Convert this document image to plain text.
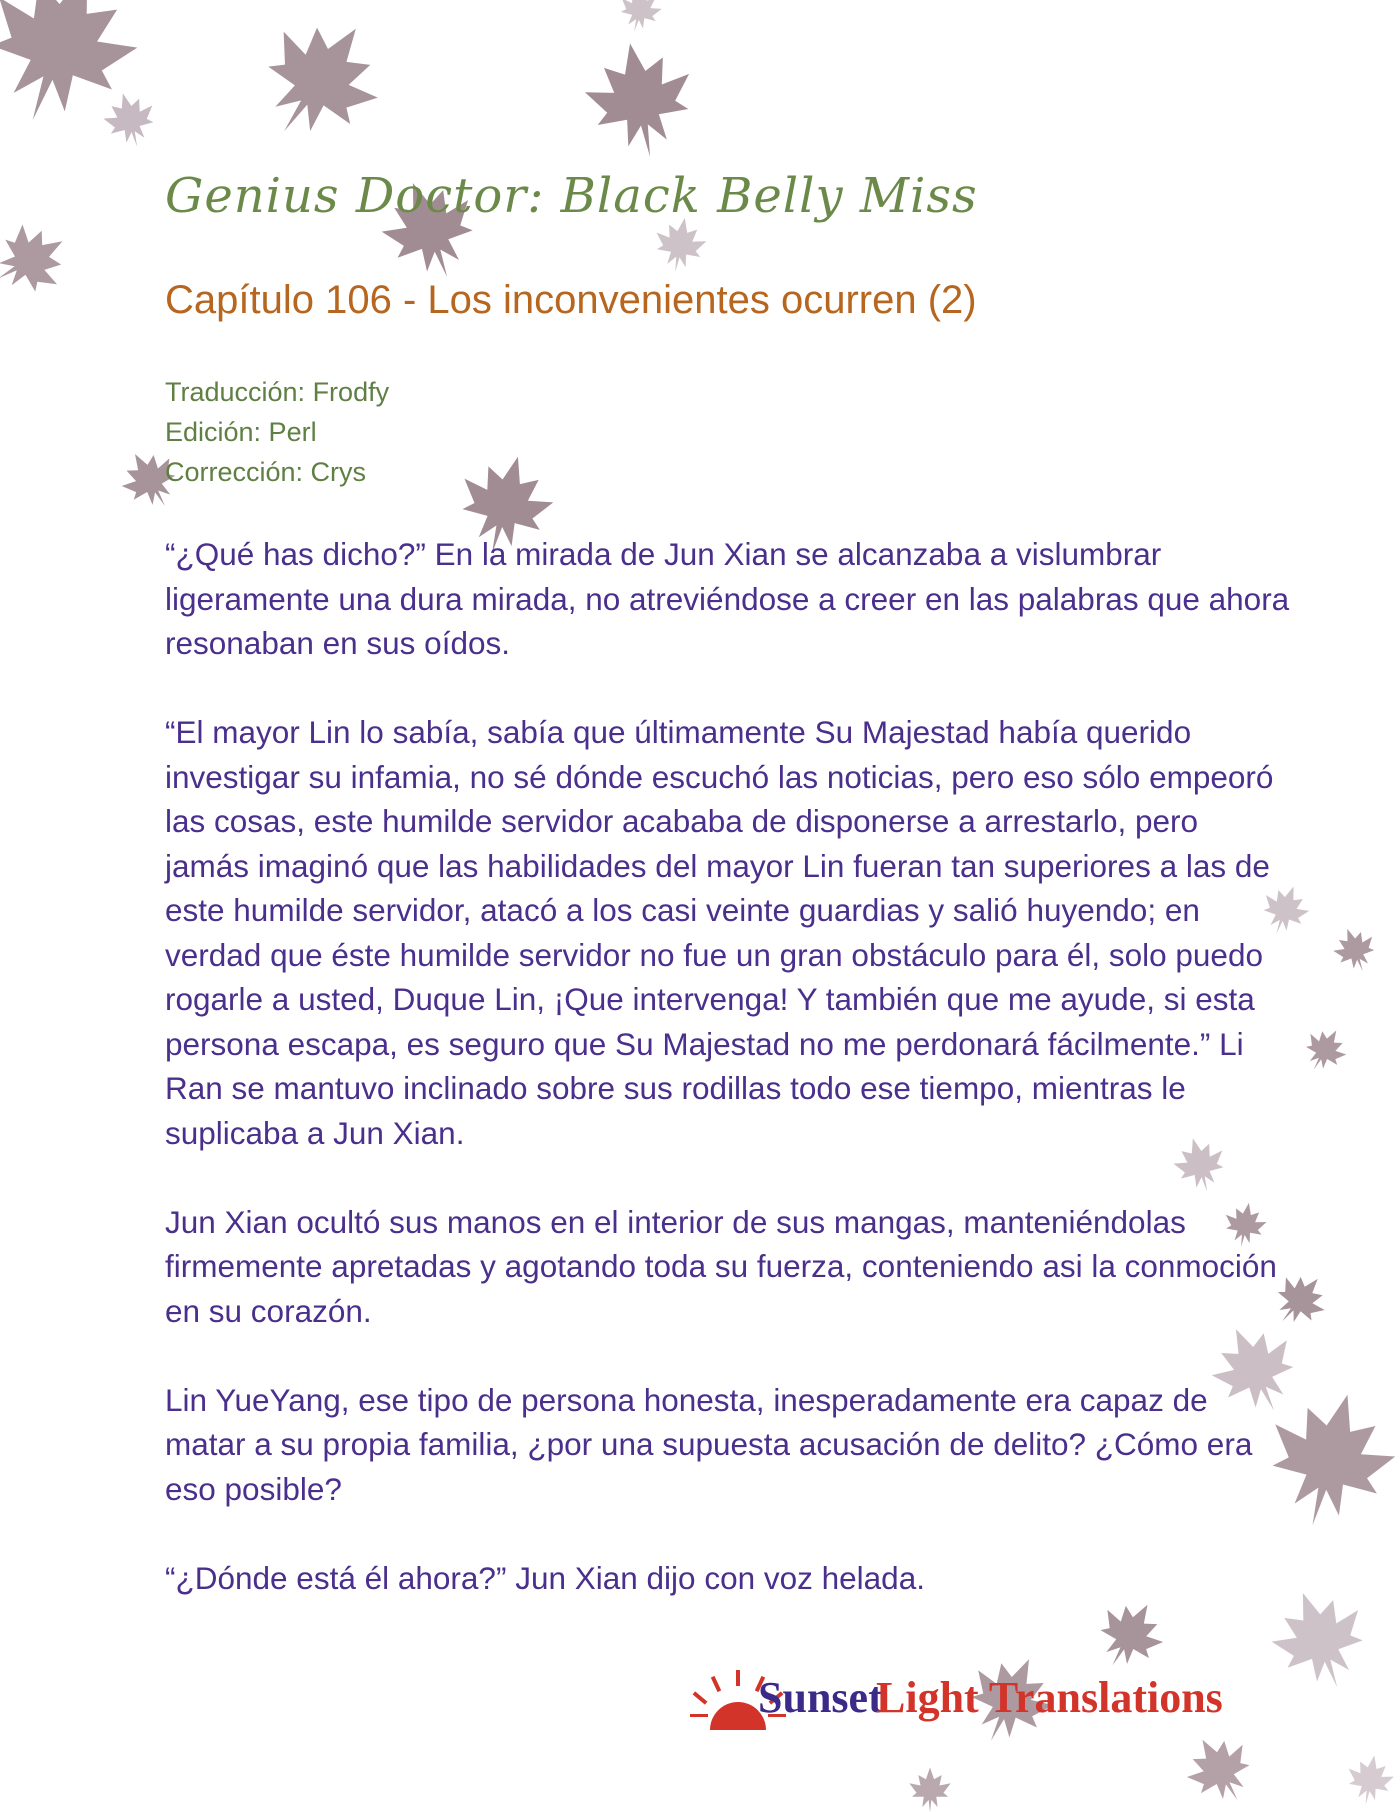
Genius Doctor: Black Belly Miss
Capítulo 106 - Los inconvenientes ocurren (2)
Traducción: Frodfy
Edición: Perl
Corrección: Crys

“¿Qué has dicho?” En la mirada de Jun Xian se alcanzaba a vislumbrar ligeramente una dura mirada, no atreviéndose a creer en las palabras que ahora resonaban en sus oídos.

“El mayor Lin lo sabía, sabía que últimamente Su Majestad había querido investigar su infamia, no sé dónde escuchó las noticias, pero eso sólo empeoró las cosas, este humilde servidor acababa de disponerse a arrestarlo, pero jamás imaginó que las habilidades del mayor Lin fueran tan superiores a las de este humilde servidor, atacó a los casi veinte guardias y salió huyendo; en verdad que éste humilde servidor no fue un gran obstáculo para él, solo puedo rogarle a usted, Duque Lin, ¡Que intervenga! Y también que me ayude, si esta persona escapa, es seguro que Su Majestad no me perdonará fácilmente.” Li Ran se mantuvo inclinado sobre sus rodillas todo ese tiempo, mientras le suplicaba a Jun Xian.

Jun Xian ocultó sus manos en el interior de sus mangas, manteniéndolas firmemente apretadas y agotando toda su fuerza, conteniendo asi la conmoción en su corazón.

Lin YueYang, ese tipo de persona honesta, inesperadamente era capaz de matar a su propia familia, ¿por una supuesta acusación de delito? ¿Cómo era eso posible?

“¿Dónde está él ahora?” Jun Xian dijo con voz helada.

Sunset
Light Translations
